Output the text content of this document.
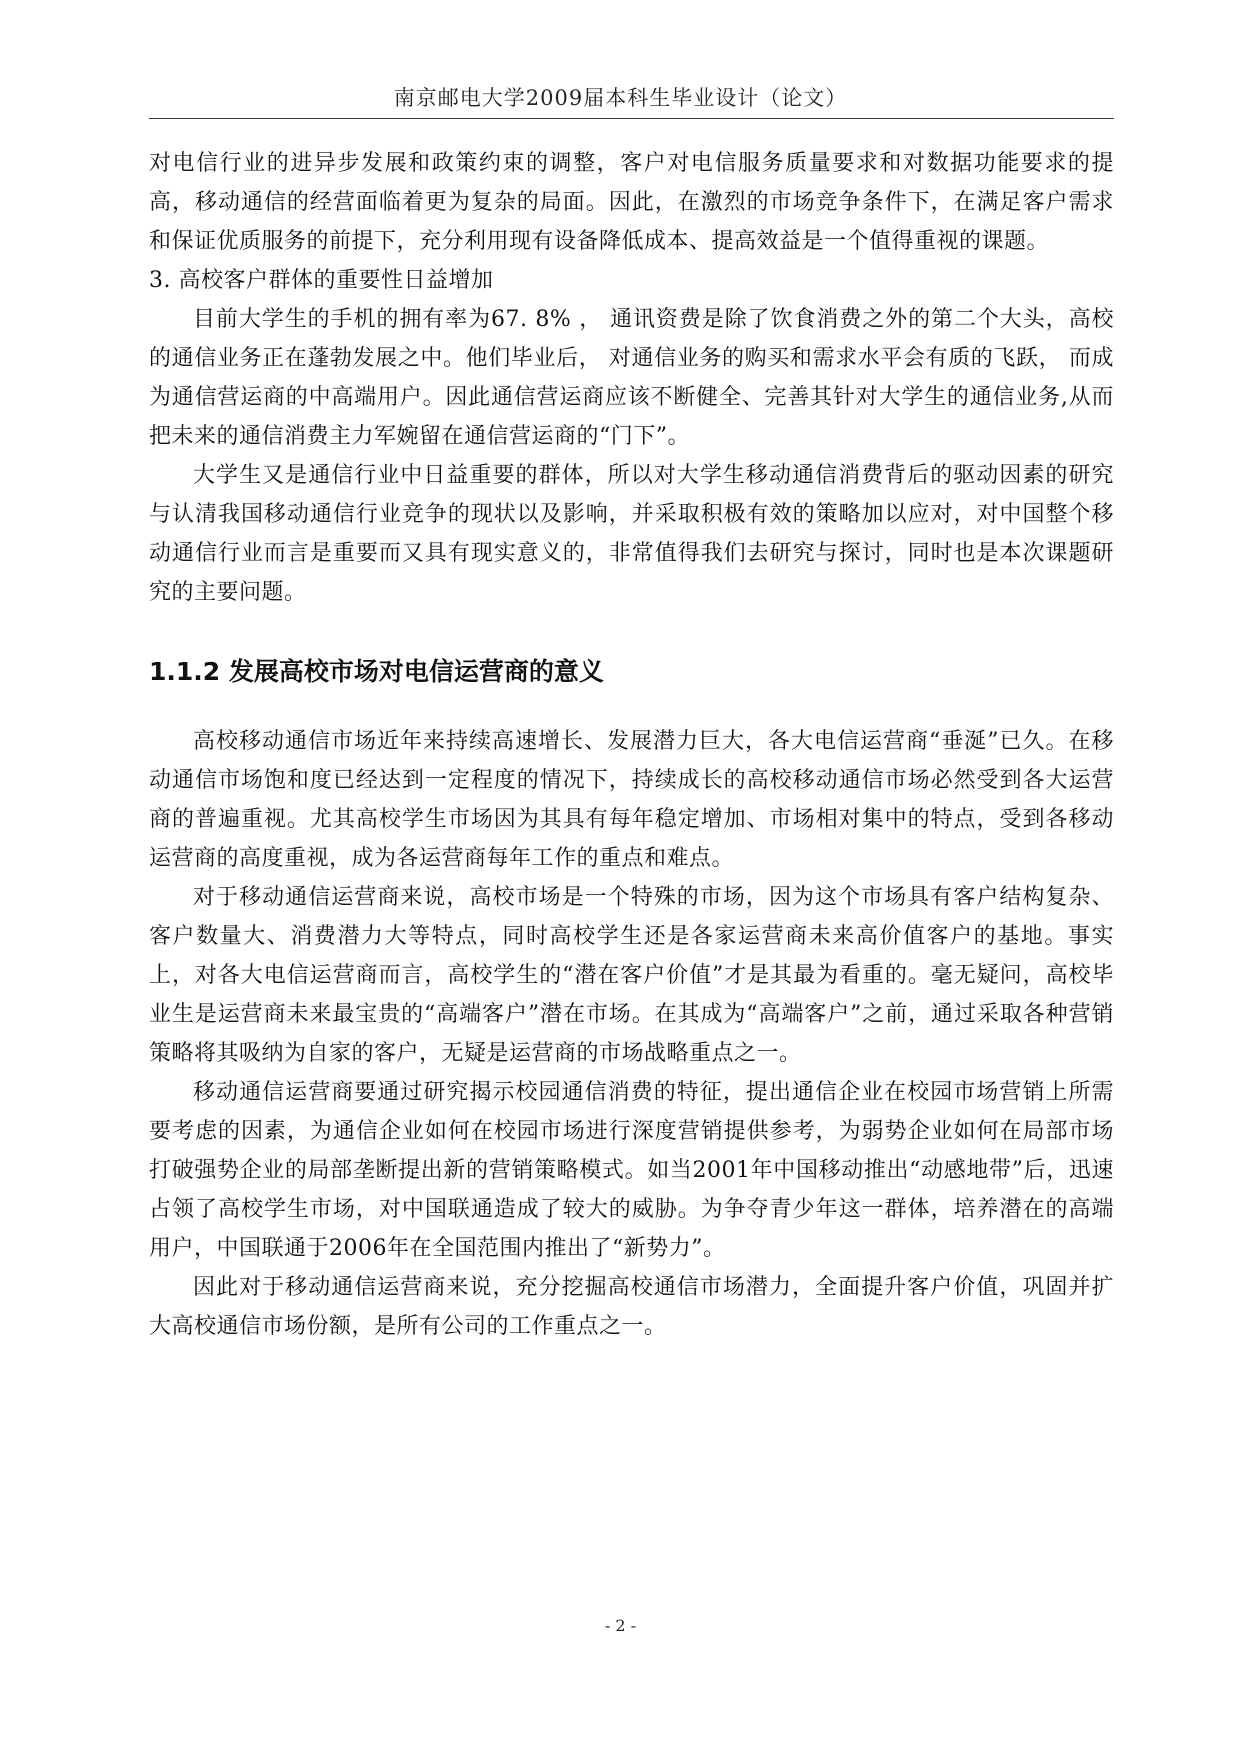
南京邮电大学2009届本科生毕业设计（论文）

对电信行业的进异步发展和政策约束的调整，客户对电信服务质量要求和对数据功能要求的提高，移动通信的经营面临着更为复杂的局面。因此，在激烈的市场竞争条件下，在满足客户需求和保证优质服务的前提下，充分利用现有设备降低成本、提高效益是一个值得重视的课题。

3. 高校客户群体的重要性日益增加

目前大学生的手机的拥有率为67. 8% ， 通讯资费是除了饮食消费之外的第二个大头，高校的通信业务正在蓬勃发展之中。他们毕业后， 对通信业务的购买和需求水平会有质的飞跃， 而成为通信营运商的中高端用户。因此通信营运商应该不断健全、完善其针对大学生的通信业务,从而把未来的通信消费主力军婉留在通信营运商的“门下”。

大学生又是通信行业中日益重要的群体，所以对大学生移动通信消费背后的驱动因素的研究与认清我国移动通信行业竞争的现状以及影响，并采取积极有效的策略加以应对，对中国整个移动通信行业而言是重要而又具有现实意义的，非常值得我们去研究与探讨，同时也是本次课题研究的主要问题。

1.1.2 发展高校市场对电信运营商的意义

高校移动通信市场近年来持续高速增长、发展潜力巨大，各大电信运营商“垂涎”已久。在移动通信市场饱和度已经达到一定程度的情况下，持续成长的高校移动通信市场必然受到各大运营商的普遍重视。尤其高校学生市场因为其具有每年稳定增加、市场相对集中的特点，受到各移动运营商的高度重视，成为各运营商每年工作的重点和难点。

对于移动通信运营商来说，高校市场是一个特殊的市场，因为这个市场具有客户结构复杂、客户数量大、消费潜力大等特点，同时高校学生还是各家运营商未来高价值客户的基地。事实上，对各大电信运营商而言，高校学生的“潜在客户价值”才是其最为看重的。毫无疑问，高校毕业生是运营商未来最宝贵的“高端客户”潜在市场。在其成为“高端客户”之前，通过采取各种营销策略将其吸纳为自家的客户，无疑是运营商的市场战略重点之一。

移动通信运营商要通过研究揭示校园通信消费的特征，提出通信企业在校园市场营销上所需要考虑的因素，为通信企业如何在校园市场进行深度营销提供参考，为弱势企业如何在局部市场打破强势企业的局部垄断提出新的营销策略模式。如当2001年中国移动推出“动感地带”后，迅速占领了高校学生市场，对中国联通造成了较大的威胁。为争夺青少年这一群体，培养潜在的高端用户，中国联通于2006年在全国范围内推出了“新势力”。

因此对于移动通信运营商来说，充分挖掘高校通信市场潜力，全面提升客户价值，巩固并扩大高校通信市场份额，是所有公司的工作重点之一。

- 2 -
